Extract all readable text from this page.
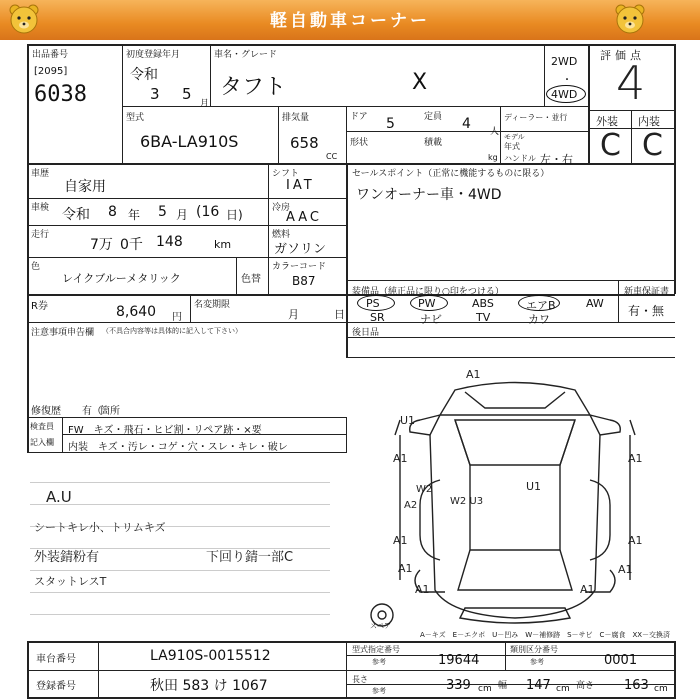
軽自動車コーナー
出品番号
[2095]
6038
初度登録年月
令和
3 5
月
車名・グレード
タフト	X
2WD
・
4WD
型式
6BA-LA910S
排気量
658
CC
ドア 5	定員 4 人
ディーラー・並行
形状	積載
kg
モデル
年式
ハンドル 左・右
評価点
4
外装 内装
C C
車歴
自家用
車検 令和 8 年 5 月 (16 日)
走行
7万 0千 148	km
色
レイクブルーメタリック	色替
カラーコード
B87
シフト
IAT
冷房
AAC
燃料
ガソリン
セールスポイント（正常に機能するものに限る）
ワンオーナー車・4WD
装備品（純正品に限り○印をつける）
PS	PW	ABS	エアB	AW
SR	ナビ	TV	カワ
新車保証書
有・無
後日品
R券	8,640 円
名変期限
月	日
注意事項申告欄 （不具合内容等は具体的に記入して下さい）
修復歴 有（
箇所
検査員
記入欄
FW　キズ・飛石・ヒビ割・リペア跡・×要
内装　キズ・汚レ・コゲ・穴・スレ・キレ・破レ
A.U
シートキレ小、トリムキズ
外装錆粉有
スタットレスT
下回り錆一部C
A1
U1
A1	A1
U1
W2
W2 U3
A2
A1	A1
A1
A1
A1
A1
スペア
A－キズ　E－エクボ　U－凹み　W－補修跡　S－サビ　C－腐食　XX－交換済
車台番号	LA910S-0015512
登録番号	秋田 583 け 1067
型式指定番号
参考	19644
類別区分番号
参考	0001
長さ
参考	339 cm 幅 147 cm 高さ 163 cm
